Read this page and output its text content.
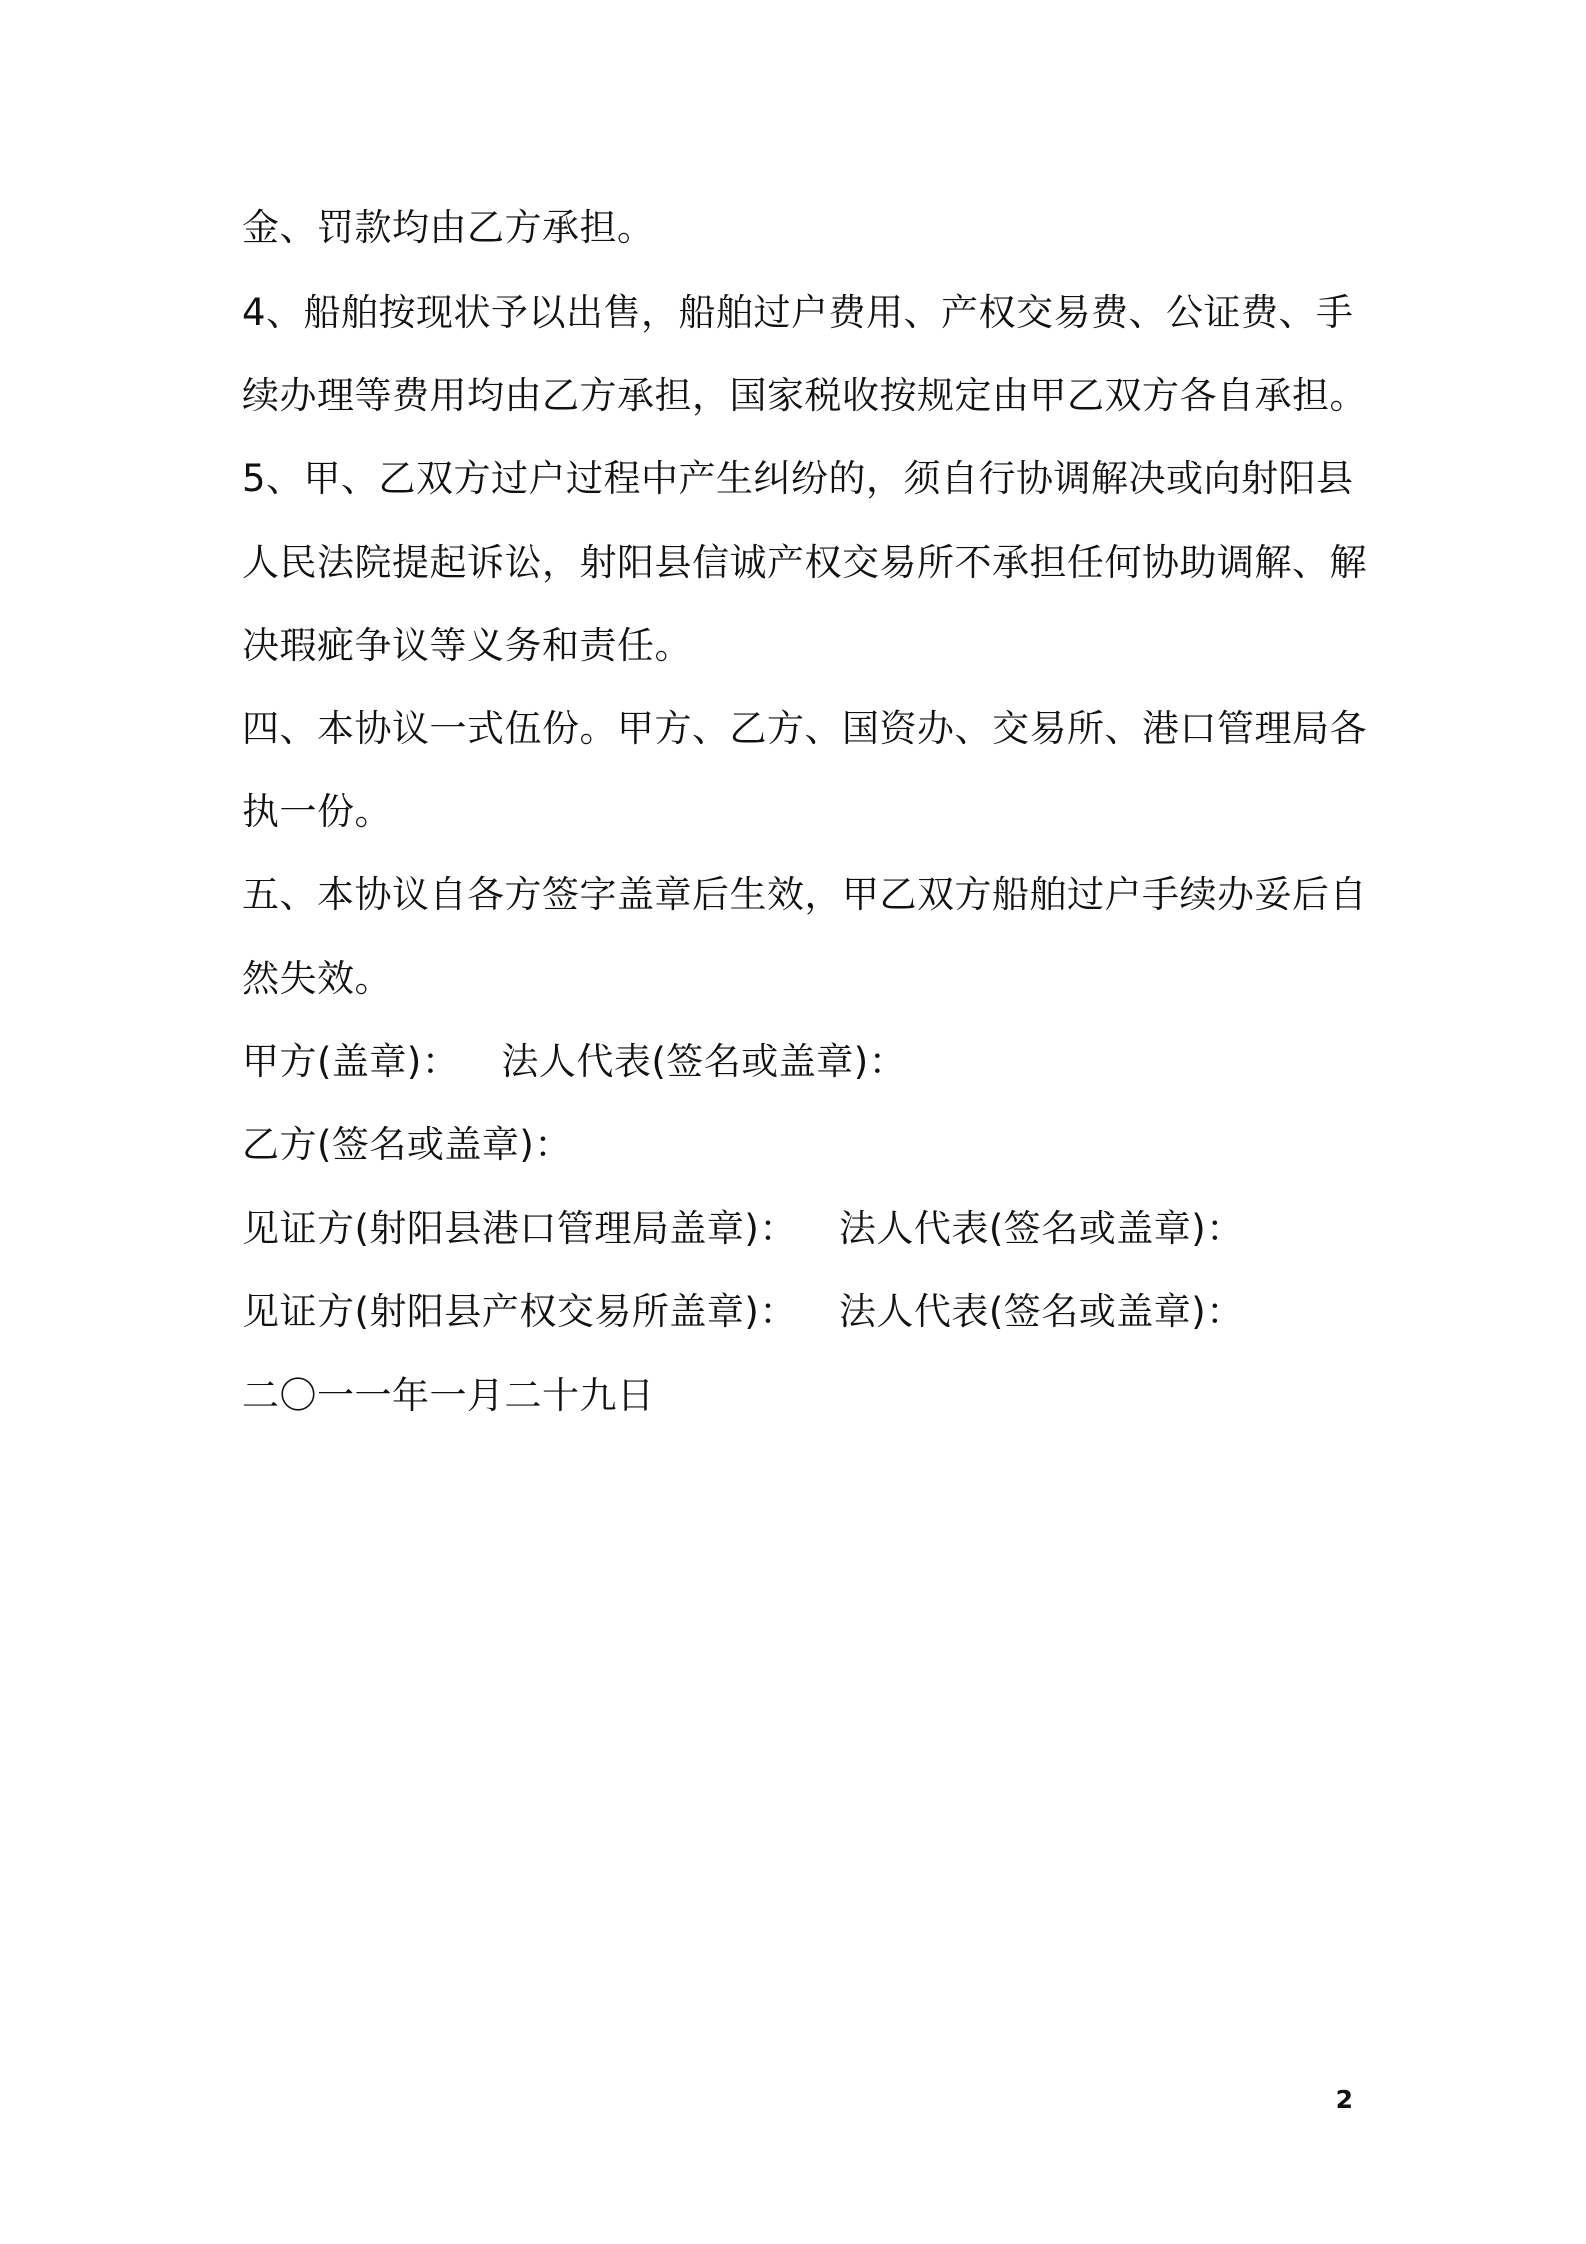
金、罚款均由乙方承担。
4、船舶按现状予以出售，船舶过户费用、产权交易费、公证费、手
续办理等费用均由乙方承担，国家税收按规定由甲乙双方各自承担。
5、甲、乙双方过户过程中产生纠纷的，须自行协调解决或向射阳县
人民法院提起诉讼，射阳县信诚产权交易所不承担任何协助调解、解
决瑕疵争议等义务和责任。
四、本协议一式伍份。甲方、乙方、国资办、交易所、港口管理局各
执一份。
五、本协议自各方签字盖章后生效，甲乙双方船舶过户手续办妥后自
然失效。
甲方(盖章)： 法人代表(签名或盖章)：
乙方(签名或盖章)：
见证方(射阳县港口管理局盖章)： 法人代表(签名或盖章)：
见证方(射阳县产权交易所盖章)： 法人代表(签名或盖章)：
二〇一一年一月二十九日
2
